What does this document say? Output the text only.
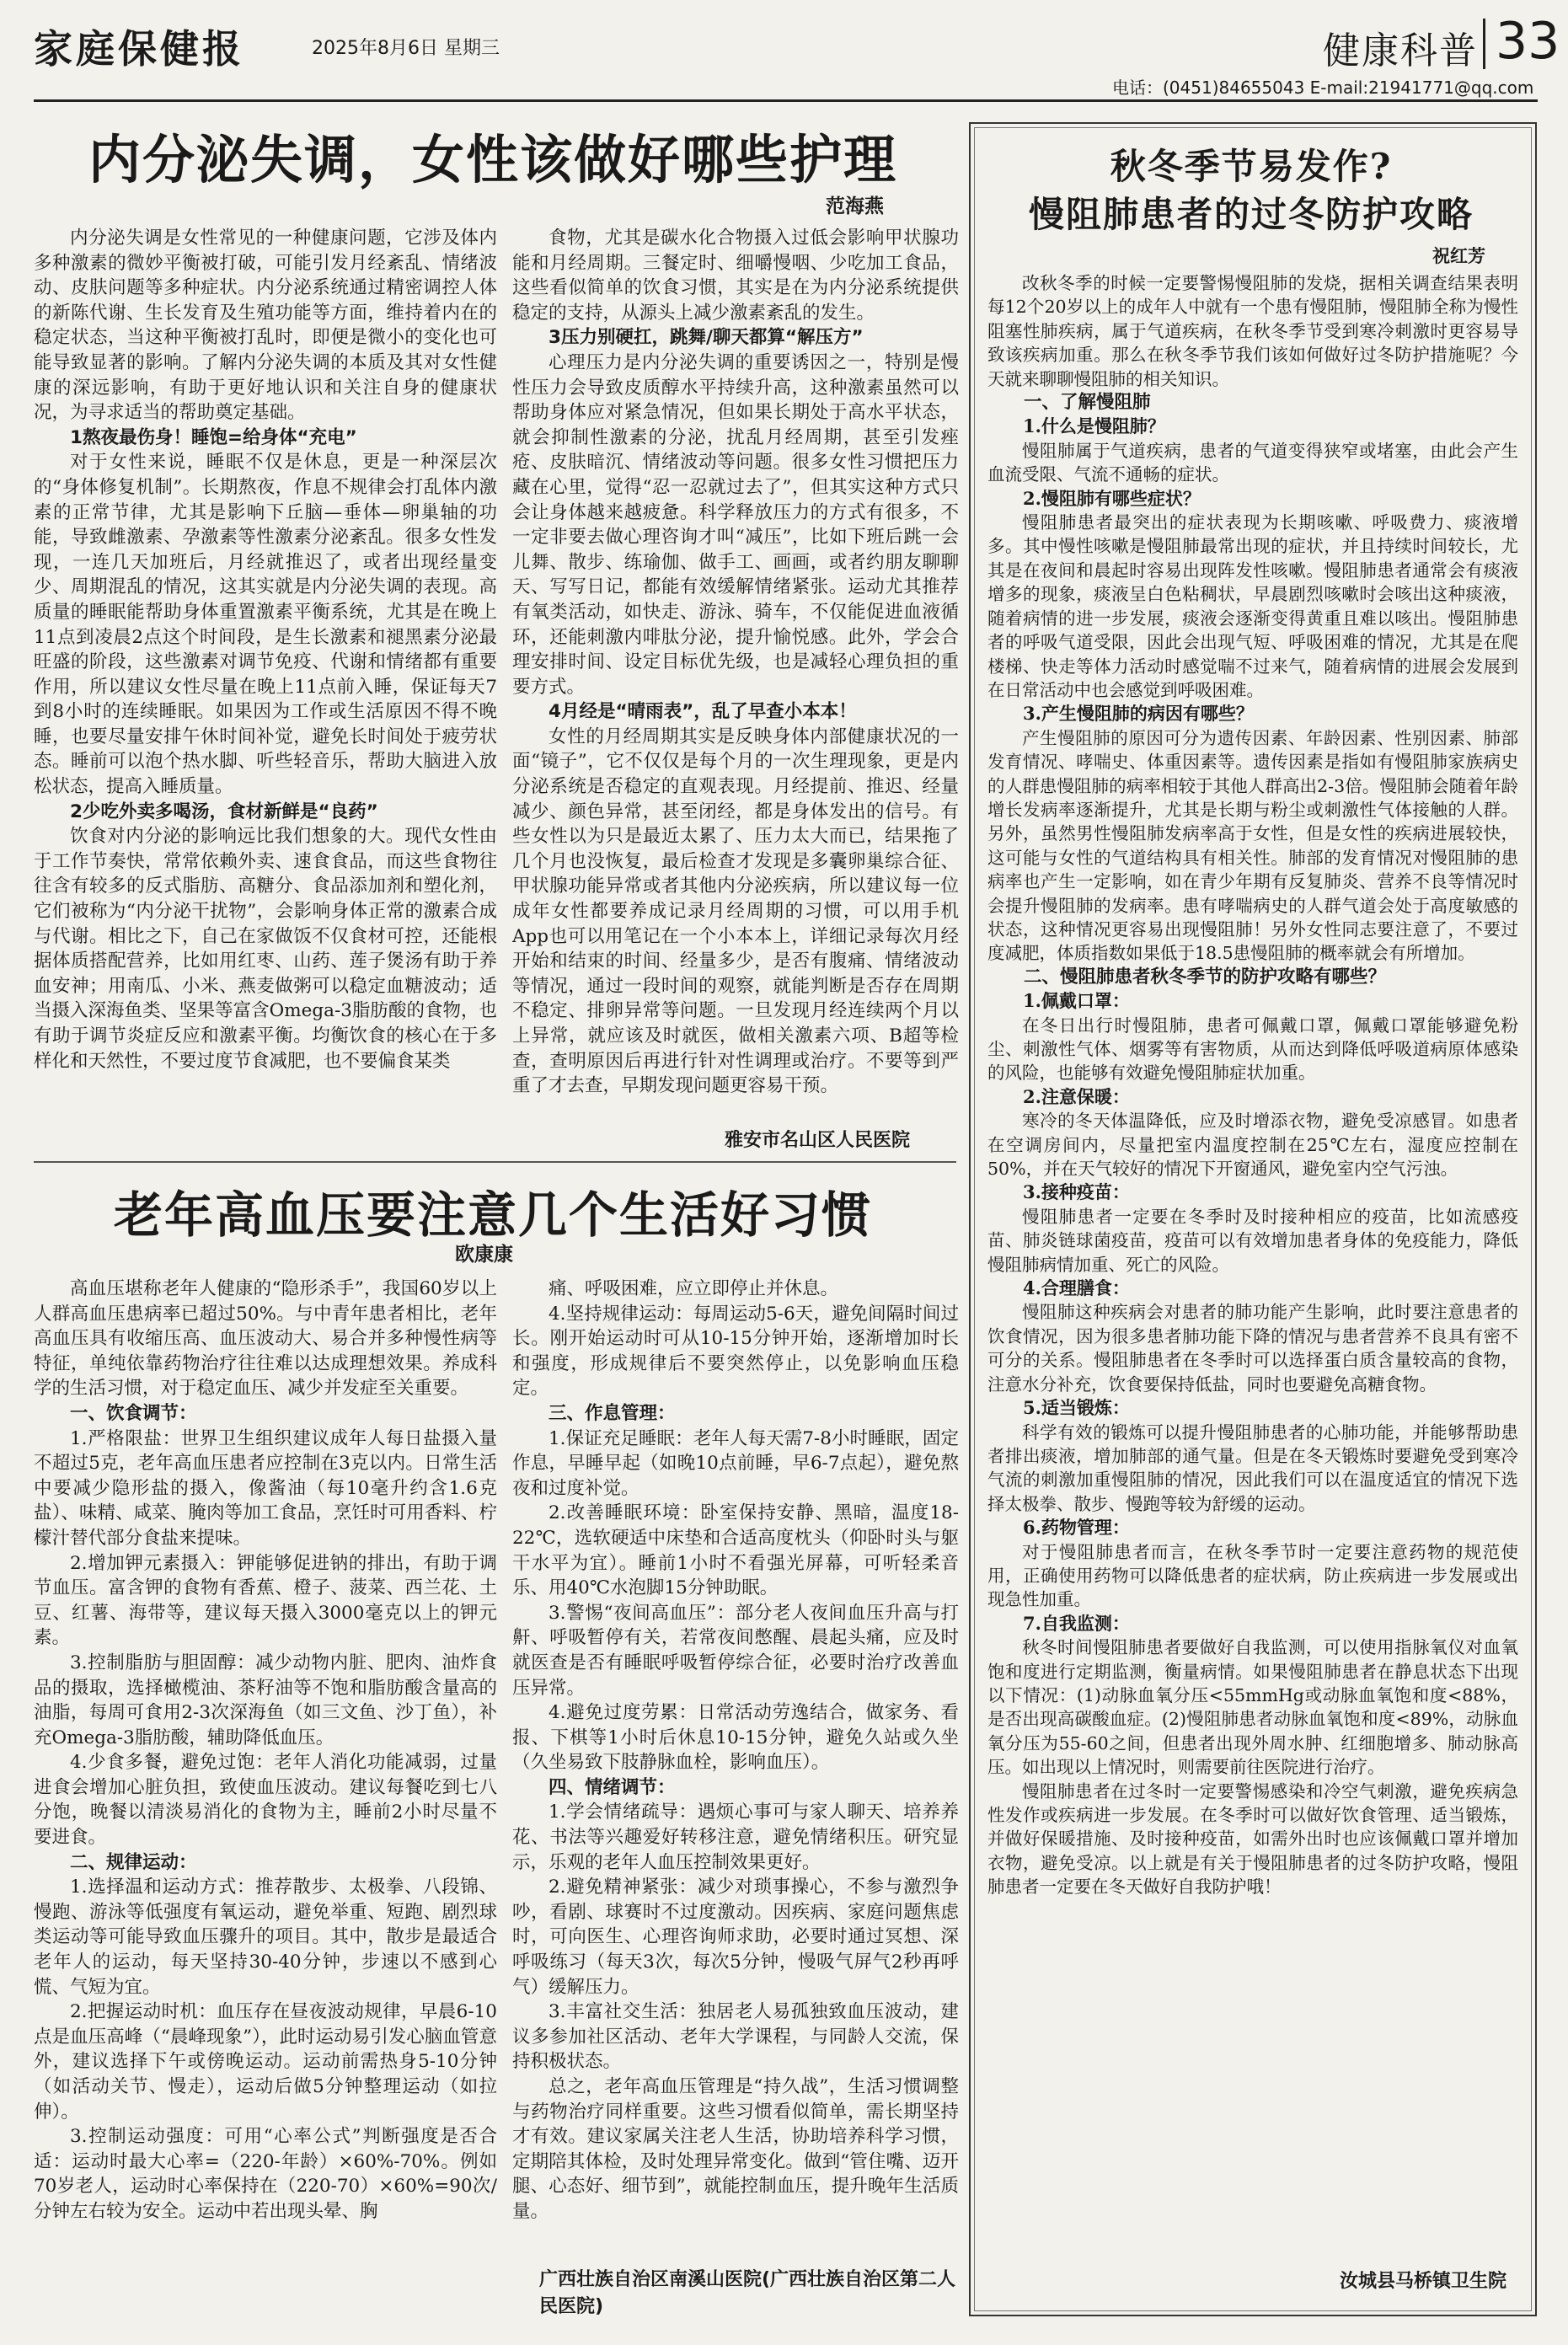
家庭保健报	2025年8月6日 星期三	健康科普 33
电话：(0451)84655043 E-mail:21941771@qq.com
内分泌失调，女性该做好哪些护理
范海燕

内分泌失调是女性常见的一种健康问题，它涉及体内多种激素的微妙平衡被打破，可能引发月经紊乱、情绪波动、皮肤问题等多种症状。内分泌系统通过精密调控人体的新陈代谢、生长发育及生殖功能等方面，维持着内在的稳定状态，当这种平衡被打乱时，即便是微小的变化也可能导致显著的影响。了解内分泌失调的本质及其对女性健康的深远影响，有助于更好地认识和关注自身的健康状况，为寻求适当的帮助奠定基础。

1熬夜最伤身！睡饱=给身体“充电”

对于女性来说，睡眠不仅是休息，更是一种深层次的“身体修复机制”。长期熬夜，作息不规律会打乱体内激素的正常节律，尤其是影响下丘脑—垂体—卵巢轴的功能，导致雌激素、孕激素等性激素分泌紊乱。很多女性发现，一连几天加班后，月经就推迟了，或者出现经量变少、周期混乱的情况，这其实就是内分泌失调的表现。高质量的睡眠能帮助身体重置激素平衡系统，尤其是在晚上11点到凌晨2点这个时间段，是生长激素和褪黑素分泌最旺盛的阶段，这些激素对调节免疫、代谢和情绪都有重要作用，所以建议女性尽量在晚上11点前入睡，保证每天7到8小时的连续睡眠。如果因为工作或生活原因不得不晚睡，也要尽量安排午休时间补觉，避免长时间处于疲劳状态。睡前可以泡个热水脚、听些轻音乐，帮助大脑进入放松状态，提高入睡质量。

2少吃外卖多喝汤，食材新鲜是“良药”

饮食对内分泌的影响远比我们想象的大。现代女性由于工作节奏快，常常依赖外卖、速食食品，而这些食物往往含有较多的反式脂肪、高糖分、食品添加剂和塑化剂，它们被称为“内分泌干扰物”，会影响身体正常的激素合成与代谢。相比之下，自己在家做饭不仅食材可控，还能根据体质搭配营养，比如用红枣、山药、莲子煲汤有助于养血安神；用南瓜、小米、燕麦做粥可以稳定血糖波动；适当摄入深海鱼类、坚果等富含Omega-3脂肪酸的食物，也有助于调节炎症反应和激素平衡。均衡饮食的核心在于多样化和天然性，不要过度节食减肥，也不要偏食某类

食物，尤其是碳水化合物摄入过低会影响甲状腺功能和月经周期。三餐定时、细嚼慢咽、少吃加工食品，这些看似简单的饮食习惯，其实是在为内分泌系统提供稳定的支持，从源头上减少激素紊乱的发生。

3压力别硬扛，跳舞/聊天都算“解压方”

心理压力是内分泌失调的重要诱因之一，特别是慢性压力会导致皮质醇水平持续升高，这种激素虽然可以帮助身体应对紧急情况，但如果长期处于高水平状态，就会抑制性激素的分泌，扰乱月经周期，甚至引发痤疮、皮肤暗沉、情绪波动等问题。很多女性习惯把压力藏在心里，觉得“忍一忍就过去了”，但其实这种方式只会让身体越来越疲惫。科学释放压力的方式有很多，不一定非要去做心理咨询才叫“减压”，比如下班后跳一会儿舞、散步、练瑜伽、做手工、画画，或者约朋友聊聊天、写写日记，都能有效缓解情绪紧张。运动尤其推荐有氧类活动，如快走、游泳、骑车，不仅能促进血液循环，还能刺激内啡肽分泌，提升愉悦感。此外，学会合理安排时间、设定目标优先级，也是减轻心理负担的重要方式。

4月经是“晴雨表”，乱了早查小本本！

女性的月经周期其实是反映身体内部健康状况的一面“镜子”，它不仅仅是每个月的一次生理现象，更是内分泌系统是否稳定的直观表现。月经提前、推迟、经量减少、颜色异常，甚至闭经，都是身体发出的信号。有些女性以为只是最近太累了、压力太大而已，结果拖了几个月也没恢复，最后检查才发现是多囊卵巢综合征、甲状腺功能异常或者其他内分泌疾病，所以建议每一位成年女性都要养成记录月经周期的习惯，可以用手机App也可以用笔记在一个小本本上，详细记录每次月经开始和结束的时间、经量多少，是否有腹痛、情绪波动等情况，通过一段时间的观察，就能判断是否存在周期不稳定、排卵异常等问题。一旦发现月经连续两个月以上异常，就应该及时就医，做相关激素六项、B超等检查，查明原因后再进行针对性调理或治疗。不要等到严重了才去查，早期发现问题更容易干预。

雅安市名山区人民医院
老年高血压要注意几个生活好习惯
欧康康

高血压堪称老年人健康的“隐形杀手”，我国60岁以上人群高血压患病率已超过50%。与中青年患者相比，老年高血压具有收缩压高、血压波动大、易合并多种慢性病等特征，单纯依靠药物治疗往往难以达成理想效果。养成科学的生活习惯，对于稳定血压、减少并发症至关重要。

一、饮食调节：

1.严格限盐：世界卫生组织建议成年人每日盐摄入量不超过5克，老年高血压患者应控制在3克以内。日常生活中要减少隐形盐的摄入，像酱油（每10毫升约含1.6克盐）、味精、咸菜、腌肉等加工食品，烹饪时可用香料、柠檬汁替代部分食盐来提味。

2.增加钾元素摄入：钾能够促进钠的排出，有助于调节血压。富含钾的食物有香蕉、橙子、菠菜、西兰花、土豆、红薯、海带等，建议每天摄入3000毫克以上的钾元素。

3.控制脂肪与胆固醇：减少动物内脏、肥肉、油炸食品的摄取，选择橄榄油、茶籽油等不饱和脂肪酸含量高的油脂，每周可食用2-3次深海鱼（如三文鱼、沙丁鱼），补充Omega-3脂肪酸，辅助降低血压。

4.少食多餐，避免过饱：老年人消化功能减弱，过量进食会增加心脏负担，致使血压波动。建议每餐吃到七八分饱，晚餐以清淡易消化的食物为主，睡前2小时尽量不要进食。

二、规律运动：

1.选择温和运动方式：推荐散步、太极拳、八段锦、慢跑、游泳等低强度有氧运动，避免举重、短跑、剧烈球类运动等可能导致血压骤升的项目。其中，散步是最适合老年人的运动，每天坚持30-40分钟，步速以不感到心慌、气短为宜。

2.把握运动时机：血压存在昼夜波动规律，早晨6-10点是血压高峰（“晨峰现象”），此时运动易引发心脑血管意外，建议选择下午或傍晚运动。运动前需热身5-10分钟（如活动关节、慢走），运动后做5分钟整理运动（如拉伸）。

3.控制运动强度：可用“心率公式”判断强度是否合适：运动时最大心率=（220-年龄）×60%-70%。例如70岁老人，运动时心率保持在（220-70）×60%=90次/分钟左右较为安全。运动中若出现头晕、胸

痛、呼吸困难，应立即停止并休息。

4.坚持规律运动：每周运动5-6天，避免间隔时间过长。刚开始运动时可从10-15分钟开始，逐渐增加时长和强度，形成规律后不要突然停止，以免影响血压稳定。

三、作息管理：

1.保证充足睡眠：老年人每天需7-8小时睡眠，固定作息，早睡早起（如晚10点前睡，早6-7点起），避免熬夜和过度补觉。

2.改善睡眠环境：卧室保持安静、黑暗，温度18-22℃，选软硬适中床垫和合适高度枕头（仰卧时头与躯干水平为宜）。睡前1小时不看强光屏幕，可听轻柔音乐、用40℃水泡脚15分钟助眠。

3.警惕“夜间高血压”：部分老人夜间血压升高与打鼾、呼吸暂停有关，若常夜间憋醒、晨起头痛，应及时就医查是否有睡眠呼吸暂停综合征，必要时治疗改善血压异常。

4.避免过度劳累：日常活动劳逸结合，做家务、看报、下棋等1小时后休息10-15分钟，避免久站或久坐（久坐易致下肢静脉血栓，影响血压）。

四、情绪调节：

1.学会情绪疏导：遇烦心事可与家人聊天、培养养花、书法等兴趣爱好转移注意，避免情绪积压。研究显示，乐观的老年人血压控制效果更好。

2.避免精神紧张：减少对琐事操心，不参与激烈争吵，看剧、球赛时不过度激动。因疾病、家庭问题焦虑时，可向医生、心理咨询师求助，必要时通过冥想、深呼吸练习（每天3次，每次5分钟，慢吸气屏气2秒再呼气）缓解压力。

3.丰富社交生活：独居老人易孤独致血压波动，建议多参加社区活动、老年大学课程，与同龄人交流，保持积极状态。

总之，老年高血压管理是“持久战”，生活习惯调整与药物治疗同样重要。这些习惯看似简单，需长期坚持才有效。建议家属关注老人生活，协助培养科学习惯，定期陪其体检，及时处理异常变化。做到“管住嘴、迈开腿、心态好、细节到”，就能控制血压，提升晚年生活质量。

广西壮族自治区南溪山医院(广西壮族自治区第二人民医院)
秋冬季节易发作?
慢阻肺患者的过冬防护攻略
祝红芳

改秋冬季的时候一定要警惕慢阻肺的发烧，据相关调查结果表明每12个20岁以上的成年人中就有一个患有慢阻肺，慢阻肺全称为慢性阻塞性肺疾病，属于气道疾病，在秋冬季节受到寒冷刺激时更容易导致该疾病加重。那么在秋冬季节我们该如何做好过冬防护措施呢？今天就来聊聊慢阻肺的相关知识。

一、了解慢阻肺
1.什么是慢阻肺？

慢阻肺属于气道疾病，患者的气道变得狭窄或堵塞，由此会产生血流受限、气流不通畅的症状。

2.慢阻肺有哪些症状？

慢阻肺患者最突出的症状表现为长期咳嗽、呼吸费力、痰液增多。其中慢性咳嗽是慢阻肺最常出现的症状，并且持续时间较长，尤其是在夜间和晨起时容易出现阵发性咳嗽。慢阻肺患者通常会有痰液增多的现象，痰液呈白色粘稠状，早晨剧烈咳嗽时会咳出这种痰液，随着病情的进一步发展，痰液会逐渐变得黄重且难以咳出。慢阻肺患者的呼吸气道受限，因此会出现气短、呼吸困难的情况，尤其是在爬楼梯、快走等体力活动时感觉喘不过来气，随着病情的进展会发展到在日常活动中也会感觉到呼吸困难。

3.产生慢阻肺的病因有哪些？

产生慢阻肺的原因可分为遗传因素、年龄因素、性别因素、肺部发育情况、哮喘史、体重因素等。遗传因素是指如有慢阻肺家族病史的人群患慢阻肺的病率相较于其他人群高出2-3倍。慢阻肺会随着年龄增长发病率逐渐提升，尤其是长期与粉尘或刺激性气体接触的人群。另外，虽然男性慢阻肺发病率高于女性，但是女性的疾病进展较快，这可能与女性的气道结构具有相关性。肺部的发育情况对慢阻肺的患病率也产生一定影响，如在青少年期有反复肺炎、营养不良等情况时会提升慢阻肺的发病率。患有哮喘病史的人群气道会处于高度敏感的状态，这种情况更容易出现慢阻肺！另外女性同志要注意了，不要过度减肥，体质指数如果低于18.5患慢阻肺的概率就会有所增加。

二、慢阻肺患者秋冬季节的防护攻略有哪些？
1.佩戴口罩：

在冬日出行时慢阻肺，患者可佩戴口罩，佩戴口罩能够避免粉尘、刺激性气体、烟雾等有害物质，从而达到降低呼吸道病原体感染的风险，也能够有效避免慢阻肺症状加重。

2.注意保暖：

寒冷的冬天体温降低，应及时增添衣物，避免受凉感冒。如患者在空调房间内，尽量把室内温度控制在25℃左右，湿度应控制在50%，并在天气较好的情况下开窗通风，避免室内空气污浊。

3.接种疫苗：

慢阻肺患者一定要在冬季时及时接种相应的疫苗，比如流感疫苗、肺炎链球菌疫苗，疫苗可以有效增加患者身体的免疫能力，降低慢阻肺病情加重、死亡的风险。

4.合理膳食：

慢阻肺这种疾病会对患者的肺功能产生影响，此时要注意患者的饮食情况，因为很多患者肺功能下降的情况与患者营养不良具有密不可分的关系。慢阻肺患者在冬季时可以选择蛋白质含量较高的食物，注意水分补充，饮食要保持低盐，同时也要避免高糖食物。

5.适当锻炼：

科学有效的锻炼可以提升慢阻肺患者的心肺功能，并能够帮助患者排出痰液，增加肺部的通气量。但是在冬天锻炼时要避免受到寒冷气流的刺激加重慢阻肺的情况，因此我们可以在温度适宜的情况下选择太极拳、散步、慢跑等较为舒缓的运动。

6.药物管理：

对于慢阻肺患者而言，在秋冬季节时一定要注意药物的规范使用，正确使用药物可以降低患者的症状病，防止疾病进一步发展或出现急性加重。

7.自我监测：

秋冬时间慢阻肺患者要做好自我监测，可以使用指脉氧仪对血氧饱和度进行定期监测，衡量病情。如果慢阻肺患者在静息状态下出现以下情况：(1)动脉血氧分压<55mmHg或动脉血氧饱和度<88%，是否出现高碳酸血症。(2)慢阻肺患者动脉血氧饱和度<89%，动脉血氧分压为55-60之间，但患者出现外周水肿、红细胞增多、肺动脉高压。如出现以上情况时，则需要前往医院进行治疗。

慢阻肺患者在过冬时一定要警惕感染和冷空气刺激，避免疾病急性发作或疾病进一步发展。在冬季时可以做好饮食管理、适当锻炼，并做好保暖措施、及时接种疫苗，如需外出时也应该佩戴口罩并增加衣物，避免受凉。以上就是有关于慢阻肺患者的过冬防护攻略，慢阻肺患者一定要在冬天做好自我防护哦！

汝城县马桥镇卫生院
